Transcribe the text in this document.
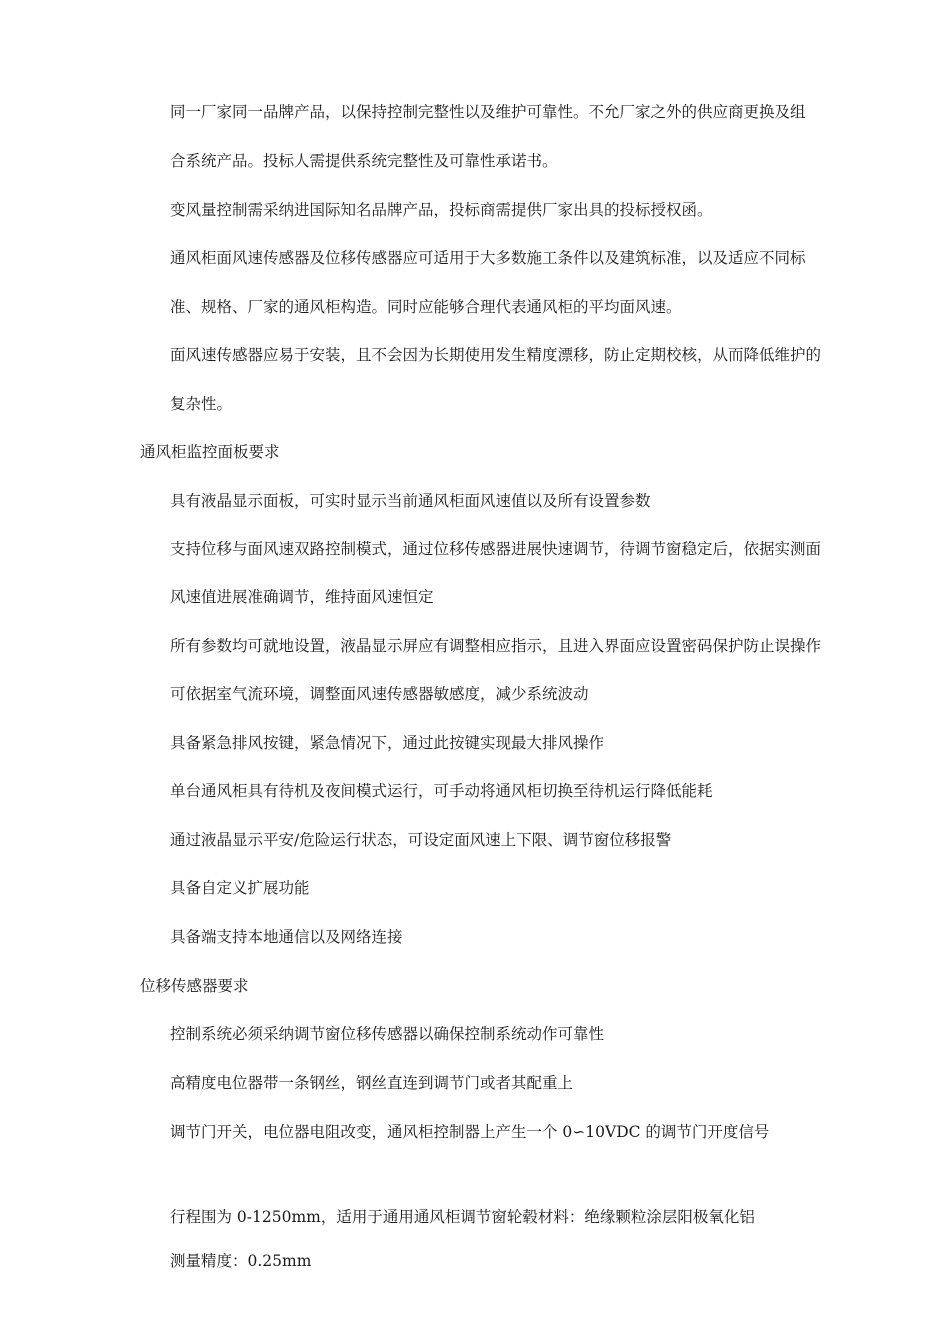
同一厂家同一品牌产品，以保持控制完整性以及维护可靠性。不允厂家之外的供应商更换及组

合系统产品。投标人需提供系统完整性及可靠性承诺书。

变风量控制需采纳进国际知名品牌产品，投标商需提供厂家出具的投标授权函。

通风柜面风速传感器及位移传感器应可适用于大多数施工条件以及建筑标准，以及适应不同标

准、规格、厂家的通风柜构造。同时应能够合理代表通风柜的平均面风速。

面风速传感器应易于安装，且不会因为长期使用发生精度漂移，防止定期校核，从而降低维护的

复杂性。

通风柜监控面板要求

具有液晶显示面板，可实时显示当前通风柜面风速值以及所有设置参数

支持位移与面风速双路控制模式，通过位移传感器进展快速调节，待调节窗稳定后，依据实测面

风速值进展准确调节，维持面风速恒定

所有参数均可就地设置，液晶显示屏应有调整相应指示，且进入界面应设置密码保护防止误操作

可依据室气流环境，调整面风速传感器敏感度，减少系统波动

具备紧急排风按键，紧急情况下，通过此按键实现最大排风操作

单台通风柜具有待机及夜间模式运行，可手动将通风柜切换至待机运行降低能耗

通过液晶显示平安/危险运行状态，可设定面风速上下限、调节窗位移报警

具备自定义扩展功能

具备端支持本地通信以及网络连接

位移传感器要求

控制系统必须采纳调节窗位移传感器以确保控制系统动作可靠性

高精度电位器带一条钢丝，钢丝直连到调节门或者其配重上

调节门开关，电位器电阻改变，通风柜控制器上产生一个 0∽10VDC 的调节门开度信号

行程围为 0-1250mm，适用于通用通风柜调节窗轮毂材料：绝缘颗粒涂层阳极氧化铝

测量精度：0.25mm
